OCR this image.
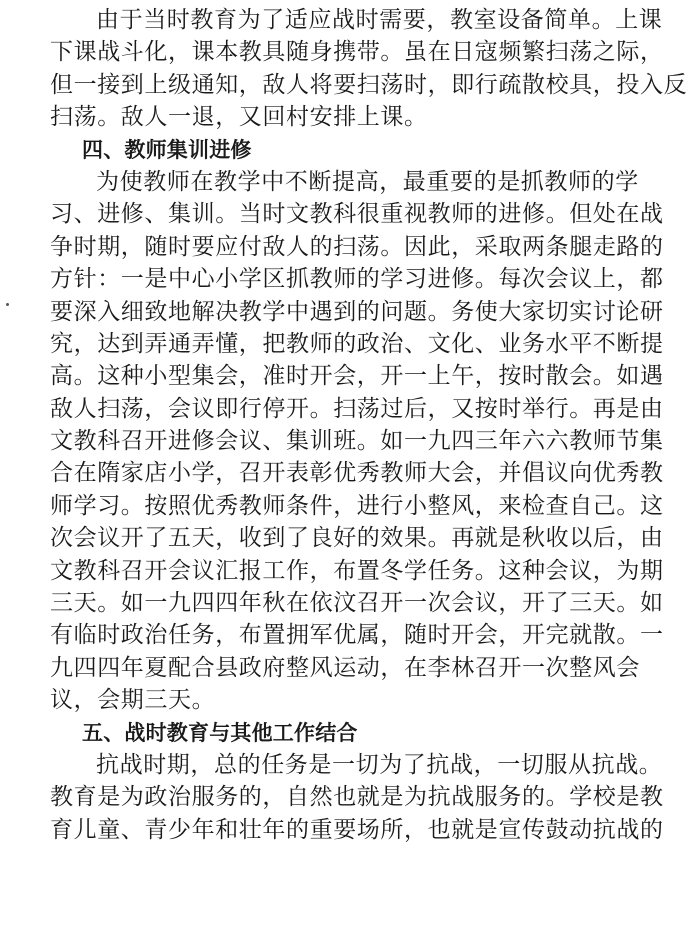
由于当时教育为了适应战时需要，教室设备简单。上课
下课战斗化，课本教具随身携带。虽在日寇频繁扫荡之际，
但一接到上级通知，敌人将要扫荡时，即行疏散校具，投入反
扫荡。敌人一退，又回村安排上课。
四、教师集训进修
为使教师在教学中不断提高，最重要的是抓教师的学
习、进修、集训。当时文教科很重视教师的进修。但处在战
争时期，随时要应付敌人的扫荡。因此，采取两条腿走路的
方针：一是中心小学区抓教师的学习进修。每次会议上，都
要深入细致地解决教学中遇到的问题。务使大家切实讨论研
究，达到弄通弄懂，把教师的政治、文化、业务水平不断提
高。这种小型集会，准时开会，开一上午，按时散会。如遇
敌人扫荡，会议即行停开。扫荡过后，又按时举行。再是由
文教科召开进修会议、集训班。如一九四三年六六教师节集
合在隋家店小学，召开表彰优秀教师大会，并倡议向优秀教
师学习。按照优秀教师条件，进行小整风，来检查自己。这
次会议开了五天，收到了良好的效果。再就是秋收以后，由
文教科召开会议汇报工作，布置冬学任务。这种会议，为期
三天。如一九四四年秋在依汶召开一次会议，开了三天。如
有临时政治任务，布置拥军优属，随时开会，开完就散。一
九四四年夏配合县政府整风运动，在李林召开一次整风会
议，会期三天。
五、战时教育与其他工作结合
抗战时期，总的任务是一切为了抗战，一切服从抗战。
教育是为政治服务的，自然也就是为抗战服务的。学校是教
育儿童、青少年和壮年的重要场所，也就是宣传鼓动抗战的
